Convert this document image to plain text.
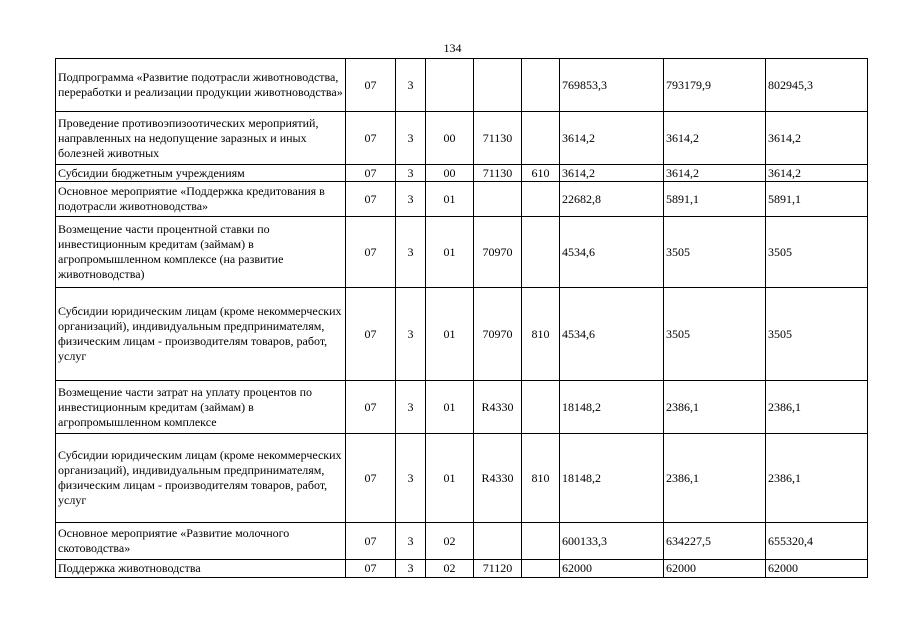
134
Подпрограмма «Развитие подотрасли животноводства, переработки и реализации продукции животноводства»	07	3				769853,3	793179,9	802945,3
Проведение противоэпизоотических мероприятий, направленных на недопущение заразных и иных болезней животных	07	3	00	71130		3614,2	3614,2	3614,2
Субсидии бюджетным учреждениям	07	3	00	71130	610	3614,2	3614,2	3614,2
Основное мероприятие «Поддержка кредитования в подотрасли животноводства»	07	3	01			22682,8	5891,1	5891,1
Возмещение части процентной ставки по инвестиционным кредитам (займам) в агропромышленном комплексе (на развитие животноводства)	07	3	01	70970		4534,6	3505	3505
Субсидии юридическим лицам (кроме некоммерческих организаций), индивидуальным предпринимателям, физическим лицам - производителям товаров, работ, услуг	07	3	01	70970	810	4534,6	3505	3505
Возмещение части затрат на уплату процентов по инвестиционным кредитам (займам) в агропромышленном комплексе	07	3	01	R4330		18148,2	2386,1	2386,1
Субсидии юридическим лицам (кроме некоммерческих организаций), индивидуальным предпринимателям, физическим лицам - производителям товаров, работ, услуг	07	3	01	R4330	810	18148,2	2386,1	2386,1
Основное мероприятие «Развитие молочного скотоводства»	07	3	02			600133,3	634227,5	655320,4
Поддержка животноводства	07	3	02	71120		62000	62000	62000
